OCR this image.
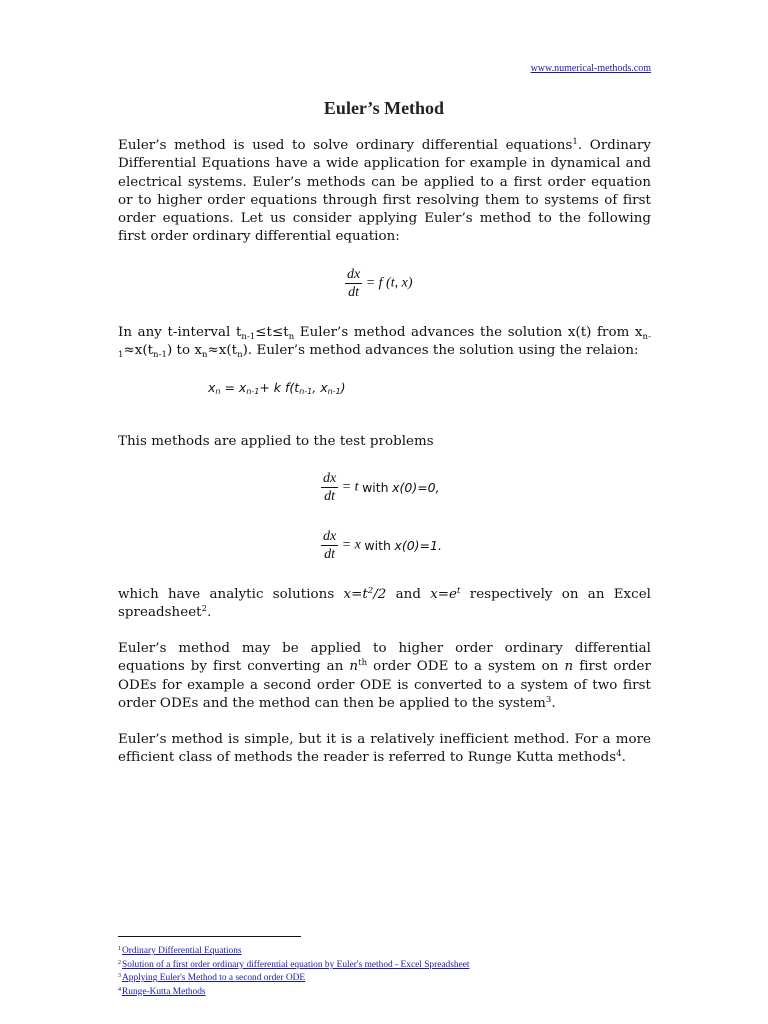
www.numerical-methods.com
Euler’s Method

Euler’s method is used to solve ordinary differential equations$^1$. Ordinary Differential Equations have a wide application for example in dynamical and electrical systems. Euler’s methods can be applied to a first order equation or to higher order equations through first resolving them to systems of first order equations. Let us consider applying Euler’s method to the following first order ordinary differential equation:

$\frac{dx}{dt} = f$ (t, x)

In any t-interval $t_{n-1}\le t\le t_n$ Euler’s method advances the solution x(t) from $x_{n-1}\approx x(t_{n-1})$ to $x_n\approx x(t_n)$. Euler’s method advances the solution using the relaion:

$x_n = x_{n-1}+ k$ $f(t_{n-1}$, $x_{n-1}$)

This methods are applied to the test problems

$\frac{dx}{dt} = t$ with x(0)=0,
$\frac{dx}{dt} = x$ with x(0)=1.

which have analytic solutions $x=t^2/2$ and $x=e^t$ respectively on an Excel spreadsheet$^2$.

Euler’s method may be applied to higher order ordinary differential equations by first converting an $n^{th}$ order ODE to a system on n first order ODEs for example a second order ODE is converted to a system of two first order ODEs and the method can then be applied to the system$^3$.

Euler’s method is simple, but it is a relatively inefficient method. For a more efficient class of methods the reader is referred to Runge Kutta methods$^4$.

$^1$Ordinary Differential Equations
$^2$Solution of a first order ordinary differential equation by Euler's method - Excel Spreadsheet
$^3$Applying Euler's Method to a second order ODE
$^4$Runge-Kutta Methods
